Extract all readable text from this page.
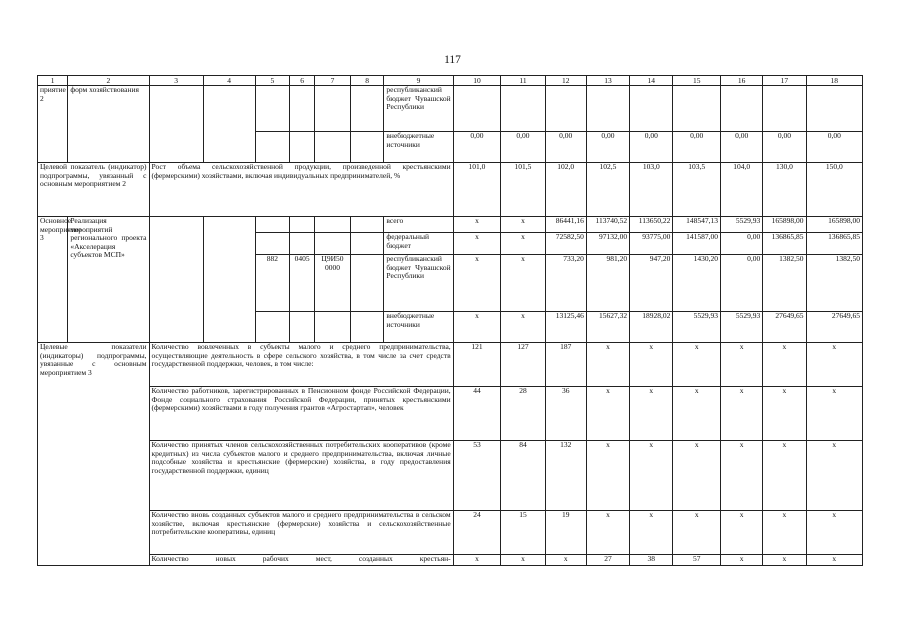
117
1	2	3	4	5	6	7	8	9	10	11	12	13	14	15	16	17	18
приятие 2	форм хозяйствования							республиканский бюджет Чувашской Республики									
								внебюджетные источники	0,00	0,00	0,00	0,00	0,00	0,00	0,00	0,00	0,00
Целевой показатель (индикатор) подпрограммы, увязанный с основным мероприятием 2		Рост объема сельскохозяйственной продукции, произведенной крестьянскими (фермерскими) хозяйствами, включая индивидуальных предпринимателей, %							101,0	101,5	102,0	102,5	103,0	103,5	104,0	130,0	150,0
Основное мероприятие 3	Реализация мероприятий регионального проекта «Акселерация субъектов МСП»							всего	x	x	86441,16	113740,52	113650,22	148547,13	5529,93	165898,00	165898,00
								федеральный бюджет	x	x	72582,50	97132,00	93775,00	141587,00	0,00	136865,85	136865,85
				882	0405	Ц9И50 0000		республиканский бюджет Чувашской Республики	x	x	733,20	981,20	947,20	1430,20	0,00	1382,50	1382,50
								внебюджетные источники	x	x	13125,46	15627,32	18928,02	5529,93	5529,93	27649,65	27649,65
Целевые показатели (индикаторы) подпрограммы, увязанные с основным мероприятием 3		Количество вовлеченных в субъекты малого и среднего предпринимательства, осуществляющие деятельность в сфере сельского хозяйства, в том числе за счет средств государственной поддержки, человек, в том числе:							121	127	187	x	x	x	x	x	x
		Количество работников, зарегистрированных в Пенсионном фонде Российской Федерации, Фонде социального страхования Российской Федерации, принятых крестьянскими (фермерскими) хозяйствами в году получения грантов «Агростартап», человек							44	28	36	x	x	x	x	x	x
		Количество принятых членов сельскохозяйственных потребительских кооперативов (кроме кредитных) из числа субъектов малого и среднего предпринимательства, включая личные подсобные хозяйства и крестьянские (фермерские) хозяйства, в году предоставления государственной поддержки, единиц							53	84	132	x	x	x	x	x	x
		Количество вновь созданных субъектов малого и среднего предпринимательства в сельском хозяйстве, включая крестьянские (фермерские) хозяйства и сельскохозяйственные потребительские кооперативы, единиц							24	15	19	x	x	x	x	x	x
		Количество новых рабочих мест, созданных крестьян-							x	x	x	27	38	57	x	x	x
